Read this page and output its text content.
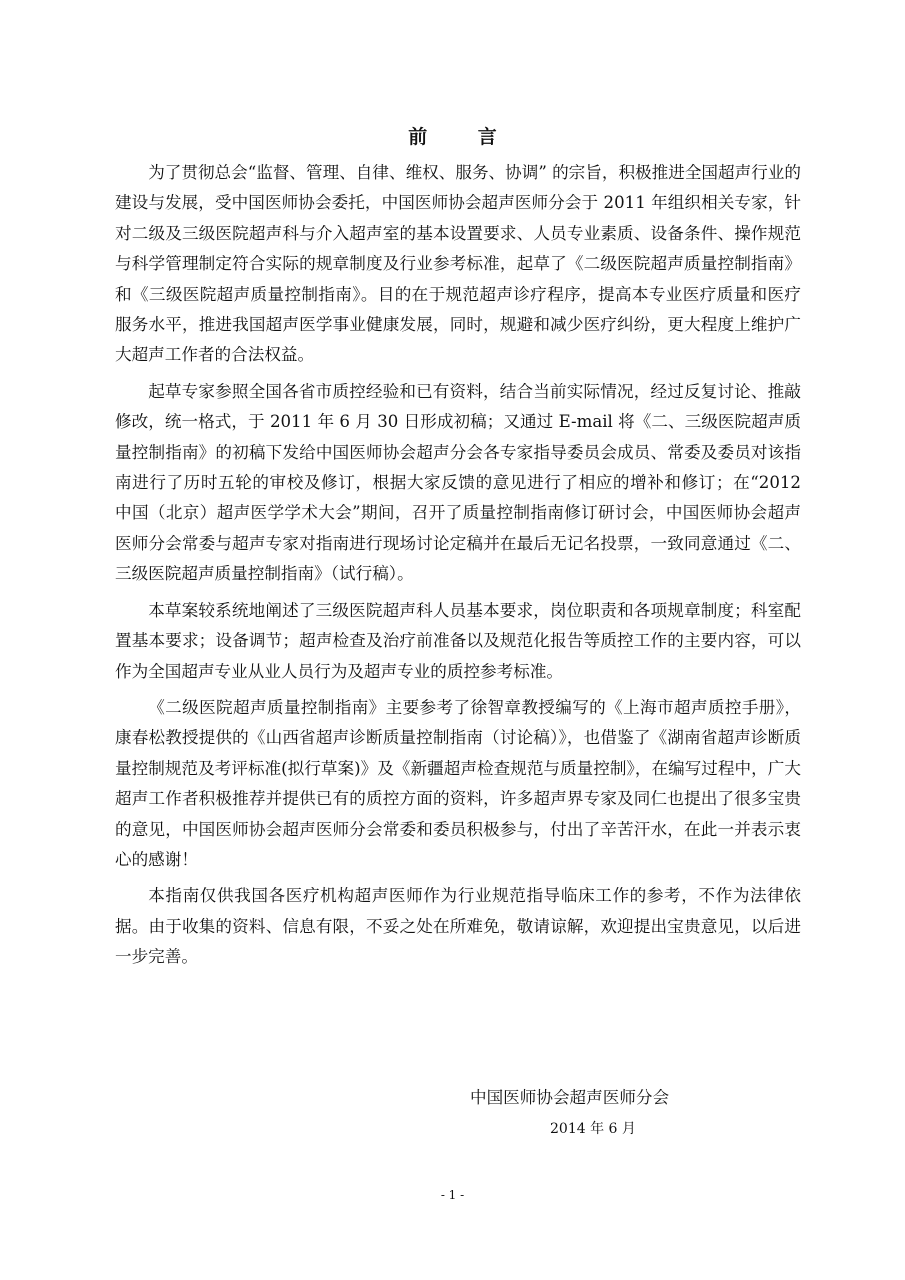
前 言

为了贯彻总会“监督、管理、自律、维权、服务、协调” 的宗旨，积极推进全国超声行业的建设与发展，受中国医师协会委托，中国医师协会超声医师分会于 2011 年组织相关专家，针对二级及三级医院超声科与介入超声室的基本设置要求、人员专业素质、设备条件、操作规范与科学管理制定符合实际的规章制度及行业参考标准，起草了《二级医院超声质量控制指南》和《三级医院超声质量控制指南》。目的在于规范超声诊疗程序，提高本专业医疗质量和医疗服务水平，推进我国超声医学事业健康发展，同时，规避和减少医疗纠纷，更大程度上维护广大超声工作者的合法权益。

起草专家参照全国各省市质控经验和已有资料，结合当前实际情况，经过反复讨论、推敲修改，统一格式，于 2011 年 6 月 30 日形成初稿；又通过 E-mail 将《二、三级医院超声质量控制指南》的初稿下发给中国医师协会超声分会各专家指导委员会成员、常委及委员对该指南进行了历时五轮的审校及修订，根据大家反馈的意见进行了相应的增补和修订；在“2012 中国（北京）超声医学学术大会”期间，召开了质量控制指南修订研讨会，中国医师协会超声医师分会常委与超声专家对指南进行现场讨论定稿并在最后无记名投票，一致同意通过《二、三级医院超声质量控制指南》（试行稿）。

本草案较系统地阐述了三级医院超声科人员基本要求，岗位职责和各项规章制度；科室配置基本要求；设备调节；超声检查及治疗前准备以及规范化报告等质控工作的主要内容，可以作为全国超声专业从业人员行为及超声专业的质控参考标准。

《二级医院超声质量控制指南》主要参考了徐智章教授编写的《上海市超声质控手册》，康春松教授提供的《山西省超声诊断质量控制指南（讨论稿）》，也借鉴了《湖南省超声诊断质量控制规范及考评标准(拟行草案)》及《新疆超声检查规范与质量控制》，在编写过程中，广大超声工作者积极推荐并提供已有的质控方面的资料，许多超声界专家及同仁也提出了很多宝贵的意见，中国医师协会超声医师分会常委和委员积极参与，付出了辛苦汗水，在此一并表示衷心的感谢！

本指南仅供我国各医疗机构超声医师作为行业规范指导临床工作的参考，不作为法律依据。由于收集的资料、信息有限，不妥之处在所难免，敬请谅解，欢迎提出宝贵意见，以后进一步完善。

中国医师协会超声医师分会
2014 年 6 月
- 1 -
